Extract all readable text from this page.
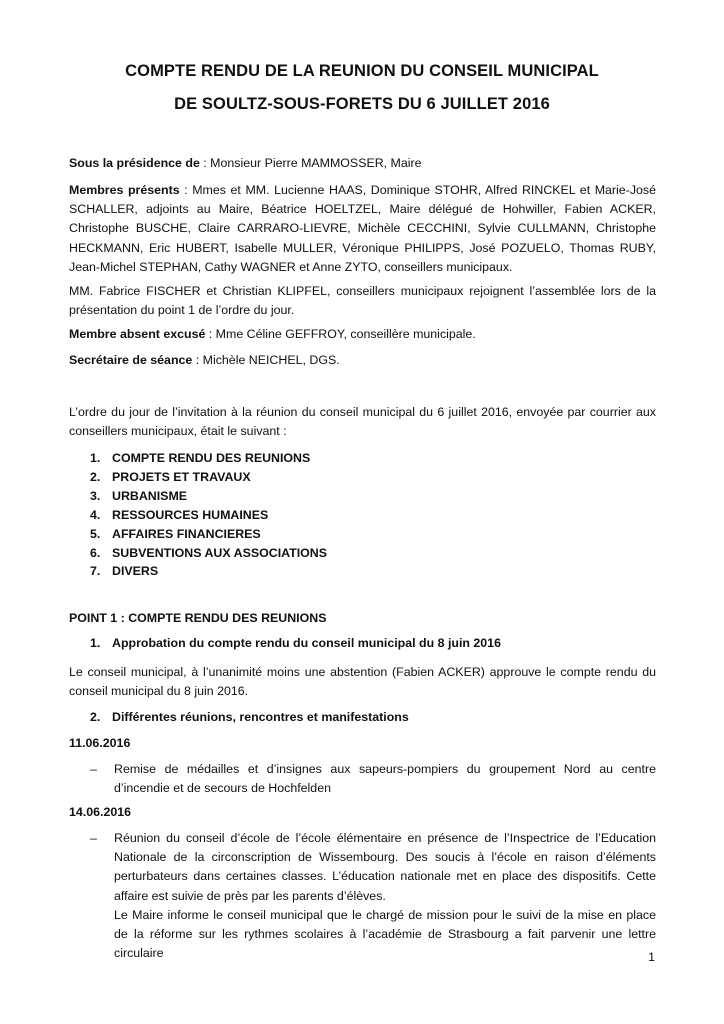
COMPTE RENDU DE LA REUNION DU CONSEIL MUNICIPAL
DE SOULTZ-SOUS-FORETS DU 6 JUILLET 2016
Sous la présidence de : Monsieur Pierre MAMMOSSER, Maire
Membres présents : Mmes et MM. Lucienne HAAS, Dominique STOHR, Alfred RINCKEL et Marie-José SCHALLER, adjoints au Maire, Béatrice HOELTZEL, Maire délégué de Hohwiller, Fabien ACKER, Christophe BUSCHE, Claire CARRARO-LIEVRE, Michèle CECCHINI, Sylvie CULLMANN, Christophe HECKMANN, Eric HUBERT, Isabelle MULLER, Véronique PHILIPPS, José POZUELO, Thomas RUBY, Jean-Michel STEPHAN, Cathy WAGNER et Anne ZYTO, conseillers municipaux.
MM. Fabrice FISCHER et Christian KLIPFEL, conseillers municipaux rejoignent l’assemblée lors de la présentation du point 1 de l’ordre du jour.
Membre absent excusé : Mme Céline GEFFROY, conseillère municipale.
Secrétaire de séance : Michèle NEICHEL, DGS.
L’ordre du jour de l’invitation à la réunion du conseil municipal du 6 juillet 2016, envoyée par courrier aux conseillers municipaux, était le suivant :
1. COMPTE RENDU DES REUNIONS
2. PROJETS ET TRAVAUX
3. URBANISME
4. RESSOURCES HUMAINES
5. AFFAIRES FINANCIERES
6. SUBVENTIONS AUX ASSOCIATIONS
7. DIVERS
POINT 1 : COMPTE RENDU DES REUNIONS
1. Approbation du compte rendu du conseil municipal du 8 juin 2016
Le conseil municipal, à l’unanimité moins une abstention (Fabien ACKER) approuve le compte rendu du conseil municipal du 8 juin 2016.
2. Différentes réunions, rencontres et manifestations
11.06.2016
–	Remise de médailles et d’insignes aux sapeurs-pompiers du groupement Nord au centre d’incendie et de secours de Hochfelden
14.06.2016
–	Réunion du conseil d’école de l’école élémentaire en présence de l’Inspectrice de l’Education Nationale de la circonscription de Wissembourg. Des soucis à l’école en raison d’éléments perturbateurs dans certaines classes. L’éducation nationale met en place des dispositifs. Cette affaire est suivie de près par les parents d’élèves.
Le Maire informe le conseil municipal que le chargé de mission pour le suivi de la mise en place de la réforme sur les rythmes scolaires à l’académie de Strasbourg a fait parvenir une lettre circulaire	1
